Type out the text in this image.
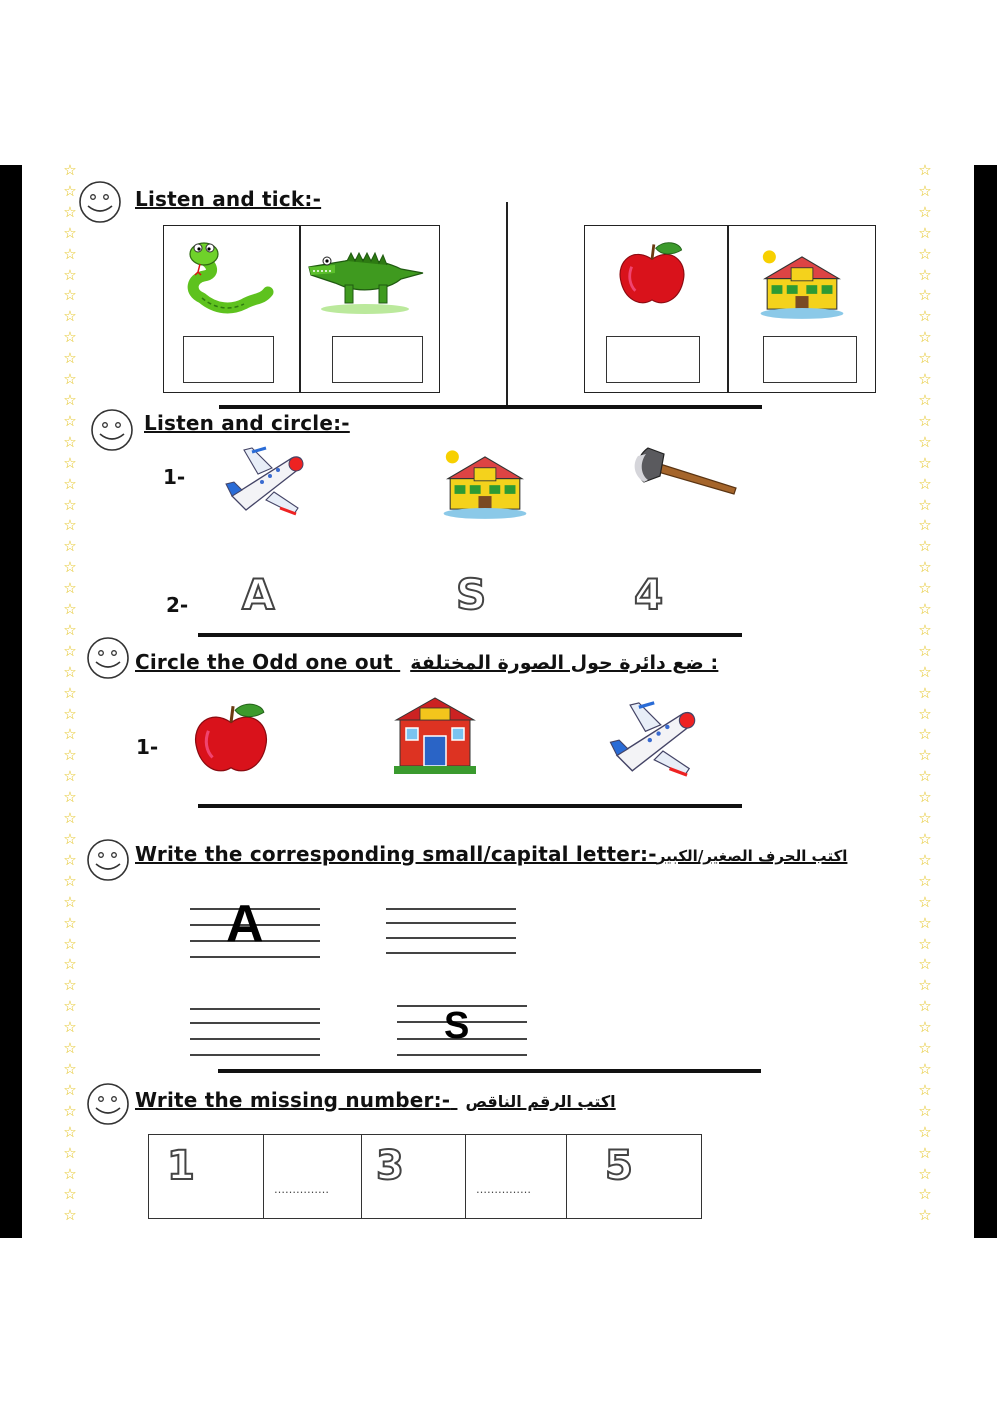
☆
☆
☆
☆
☆
☆
☆
☆
☆
☆
☆
☆
☆
☆
☆
☆
☆
☆
☆
☆
☆
☆
☆
☆
☆
☆
☆
☆
☆
☆
☆
☆
☆
☆
☆
☆
☆
☆
☆
☆
☆
☆
☆
☆
☆
☆
☆
☆
☆
☆
☆
☆
☆
☆
☆
☆
☆
☆
☆
☆
☆
☆
☆
☆
☆
☆
☆
☆
☆
☆
☆
☆
☆
☆
☆
☆
☆
☆
☆
☆
☆
☆
☆
☆
☆
☆
☆
☆
☆
☆
☆
☆
☆
☆
☆
☆
☆
☆
☆
☆
☆
☆
Listen and tick:-
Listen and circle:-
1-
2- A	S	4
Circle the Odd one out : ضع دائرة حول الصورة المختلفة
1-
Write the corresponding small/capital letter:-اكتب الحرف الصغير/الكبير
A
S
Write the missing number:- اكتب الرقم الناقص
1
……………
3
……………
5
